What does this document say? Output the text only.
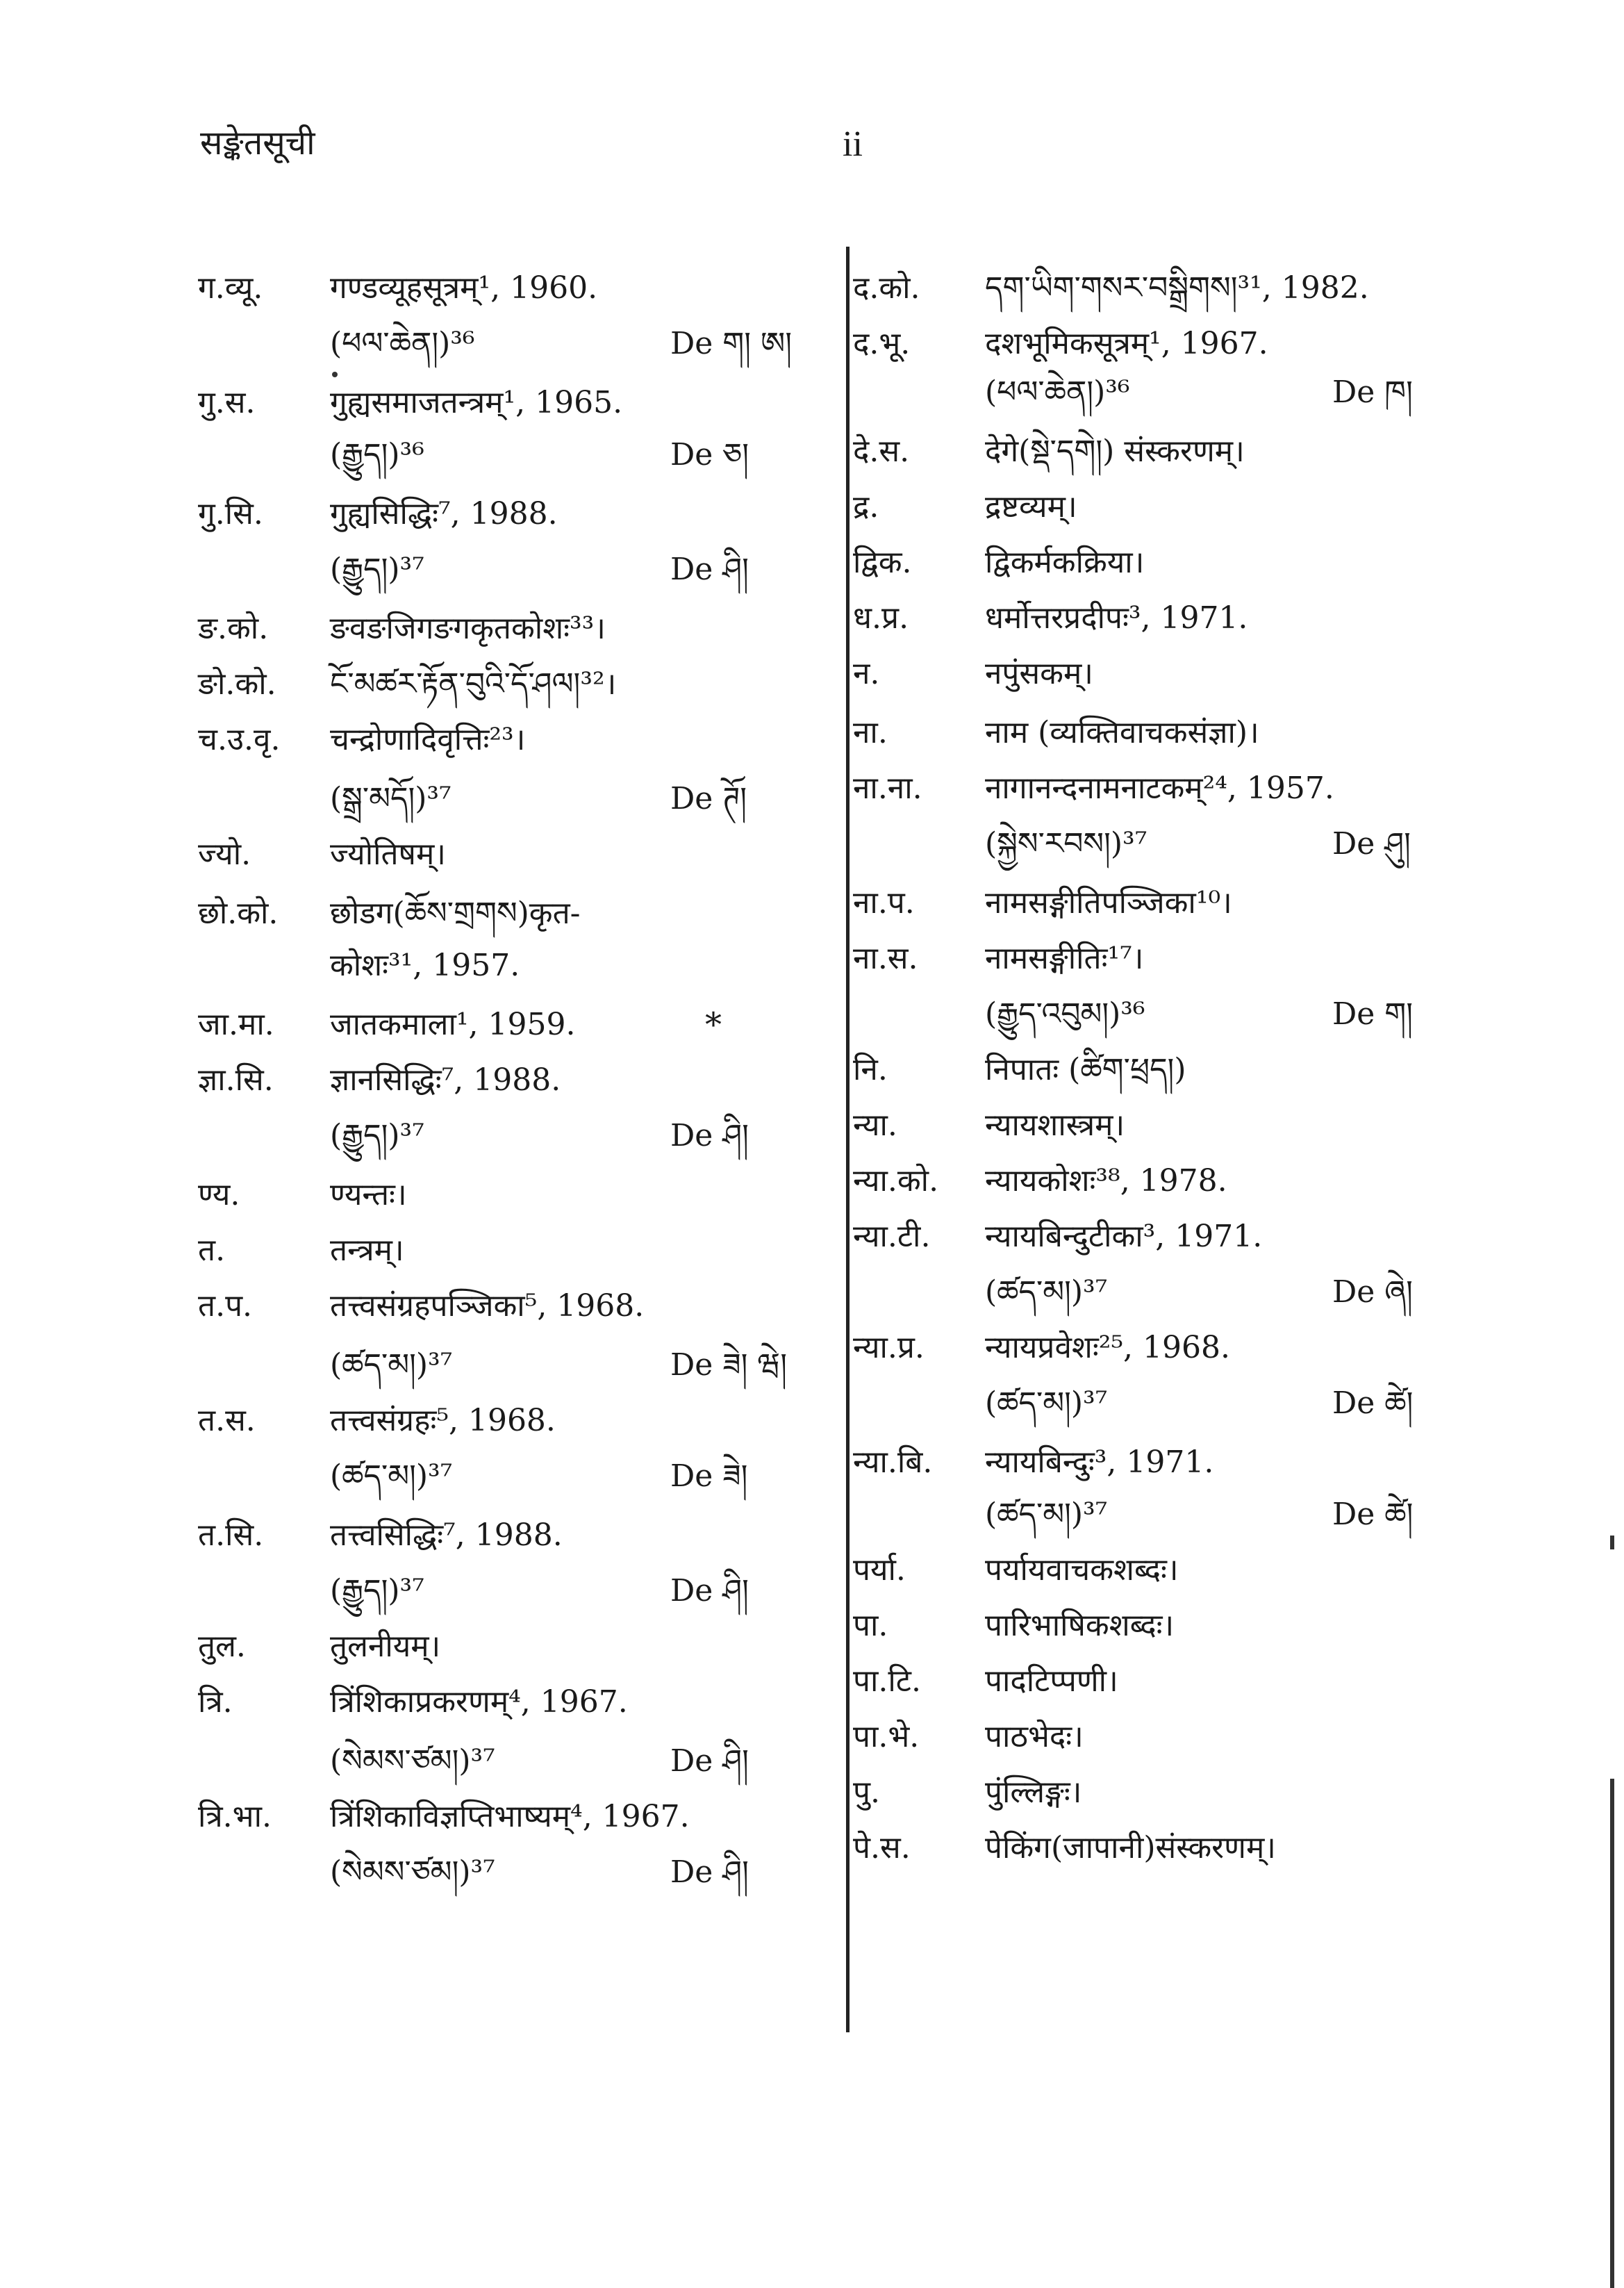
सङ्केतसूची	ii
ग.व्यू. गण्डव्यूहसूत्रम्¹, 1960.
(ཕལ་ཆེན།)³⁶	De ག། ཨ།
गु.स. गुह्यसमाजतन्त्रम्¹, 1965.
(རྒྱུད།)³⁶	De ཅ།
गु.सि. गुह्यसिद्धिः⁷, 1988.
(རྒྱུད།)³⁷	De ཤི།
ङ.को. ङवङजिगङगकृतकोशः³³।
ङो.को. ངོ་མཚར་རྟོན་བུའི་དོ་ཤལ།³²।
च.उ.वृ. चन्द्रोणादिवृत्तिः²³।
(སྒྲ་མདོ།)³⁷	De ཊོ།
ज्यो.	ज्योतिषम्।
छो.को. छोडग(ཆོས་གྲགས)कृत-
कोशः³¹, 1957.
जा.मा. जातकमाला¹, 1959.	*
ज्ञा.सि. ज्ञानसिद्धिः⁷, 1988.
(རྒྱུད།)³⁷	De ཤི།
ण्य.	ण्यन्तः।
त.	तन्त्रम्।
त.प.	तत्त्वसंग्रहपञ्जिका⁵, 1968.
(ཚད་མ།)³⁷	De ཟེ། ཝེ།
त.स. तत्त्वसंग्रहः⁵, 1968.
(ཚད་མ།)³⁷	De ཟེ།
त.सि. तत्त्वसिद्धिः⁷, 1988.
(རྒྱུད།)³⁷	De ཤི།
तुल.	तुलनीयम्।
त्रि.	त्रिंशिकाप्रकरणम्⁴, 1967.
(སེམས་ཙམ།)³⁷	De ཤི།
त्रि.भा. त्रिंशिकाविज्ञप्तिभाष्यम्⁴, 1967.
(སེམས་ཙམ།)³⁷	De ཤི།
द.को. དག་ཡིག་གསར་བསྒྲིགས།³¹, 1982.
द.भू. दशभूमिकसूत्रम्¹, 1967.
(ཕལ་ཆེན།)³⁶	De ཁ།
दे.स. देगे(སྡེ་དགེ།) संस्करणम्।
द्र.	द्रष्टव्यम्।
द्विक. द्विकर्मकक्रिया।
ध.प्र. धर्मोत्तरप्रदीपः³, 1971.
न.	नपुंसकम्।
ना.	नाम (व्यक्तिवाचकसंज्ञा)।
ना.ना. नागानन्दनामनाटकम्²⁴, 1957.
(སྐྱེས་རབས།)³⁷	De ཤུ།
ना.प. नामसङ्गीतिपञ्जिका¹⁰।
ना.स. नामसङ्गीतिः¹⁷।
(རྒྱུད་འབུམ།)³⁶	De ག།
नि.	निपातः (ཚིག་ཕྲད།)
न्या.	न्यायशास्त्रम्।
न्या.को. न्यायकोशः³⁸, 1978.
न्या.टी. न्यायबिन्दुटीका³, 1971.
(ཚད་མ།)³⁷	De ཞེ།
न्या.प्र. न्यायप्रवेशः²⁵, 1968.
(ཚད་མ།)³⁷	De ཚེ།
न्या.बि. न्यायबिन्दुः³, 1971.
(ཚད་མ།)³⁷	De ཚེ།
पर्या.	पर्यायवाचकशब्दः।
पा.	पारिभाषिकशब्दः।
पा.टि. पादटिप्पणी।
पा.भे. पाठभेदः।
पु.	पुंल्लिङ्गः।
पे.स. पेकिंग(जापानी)संस्करणम्।
